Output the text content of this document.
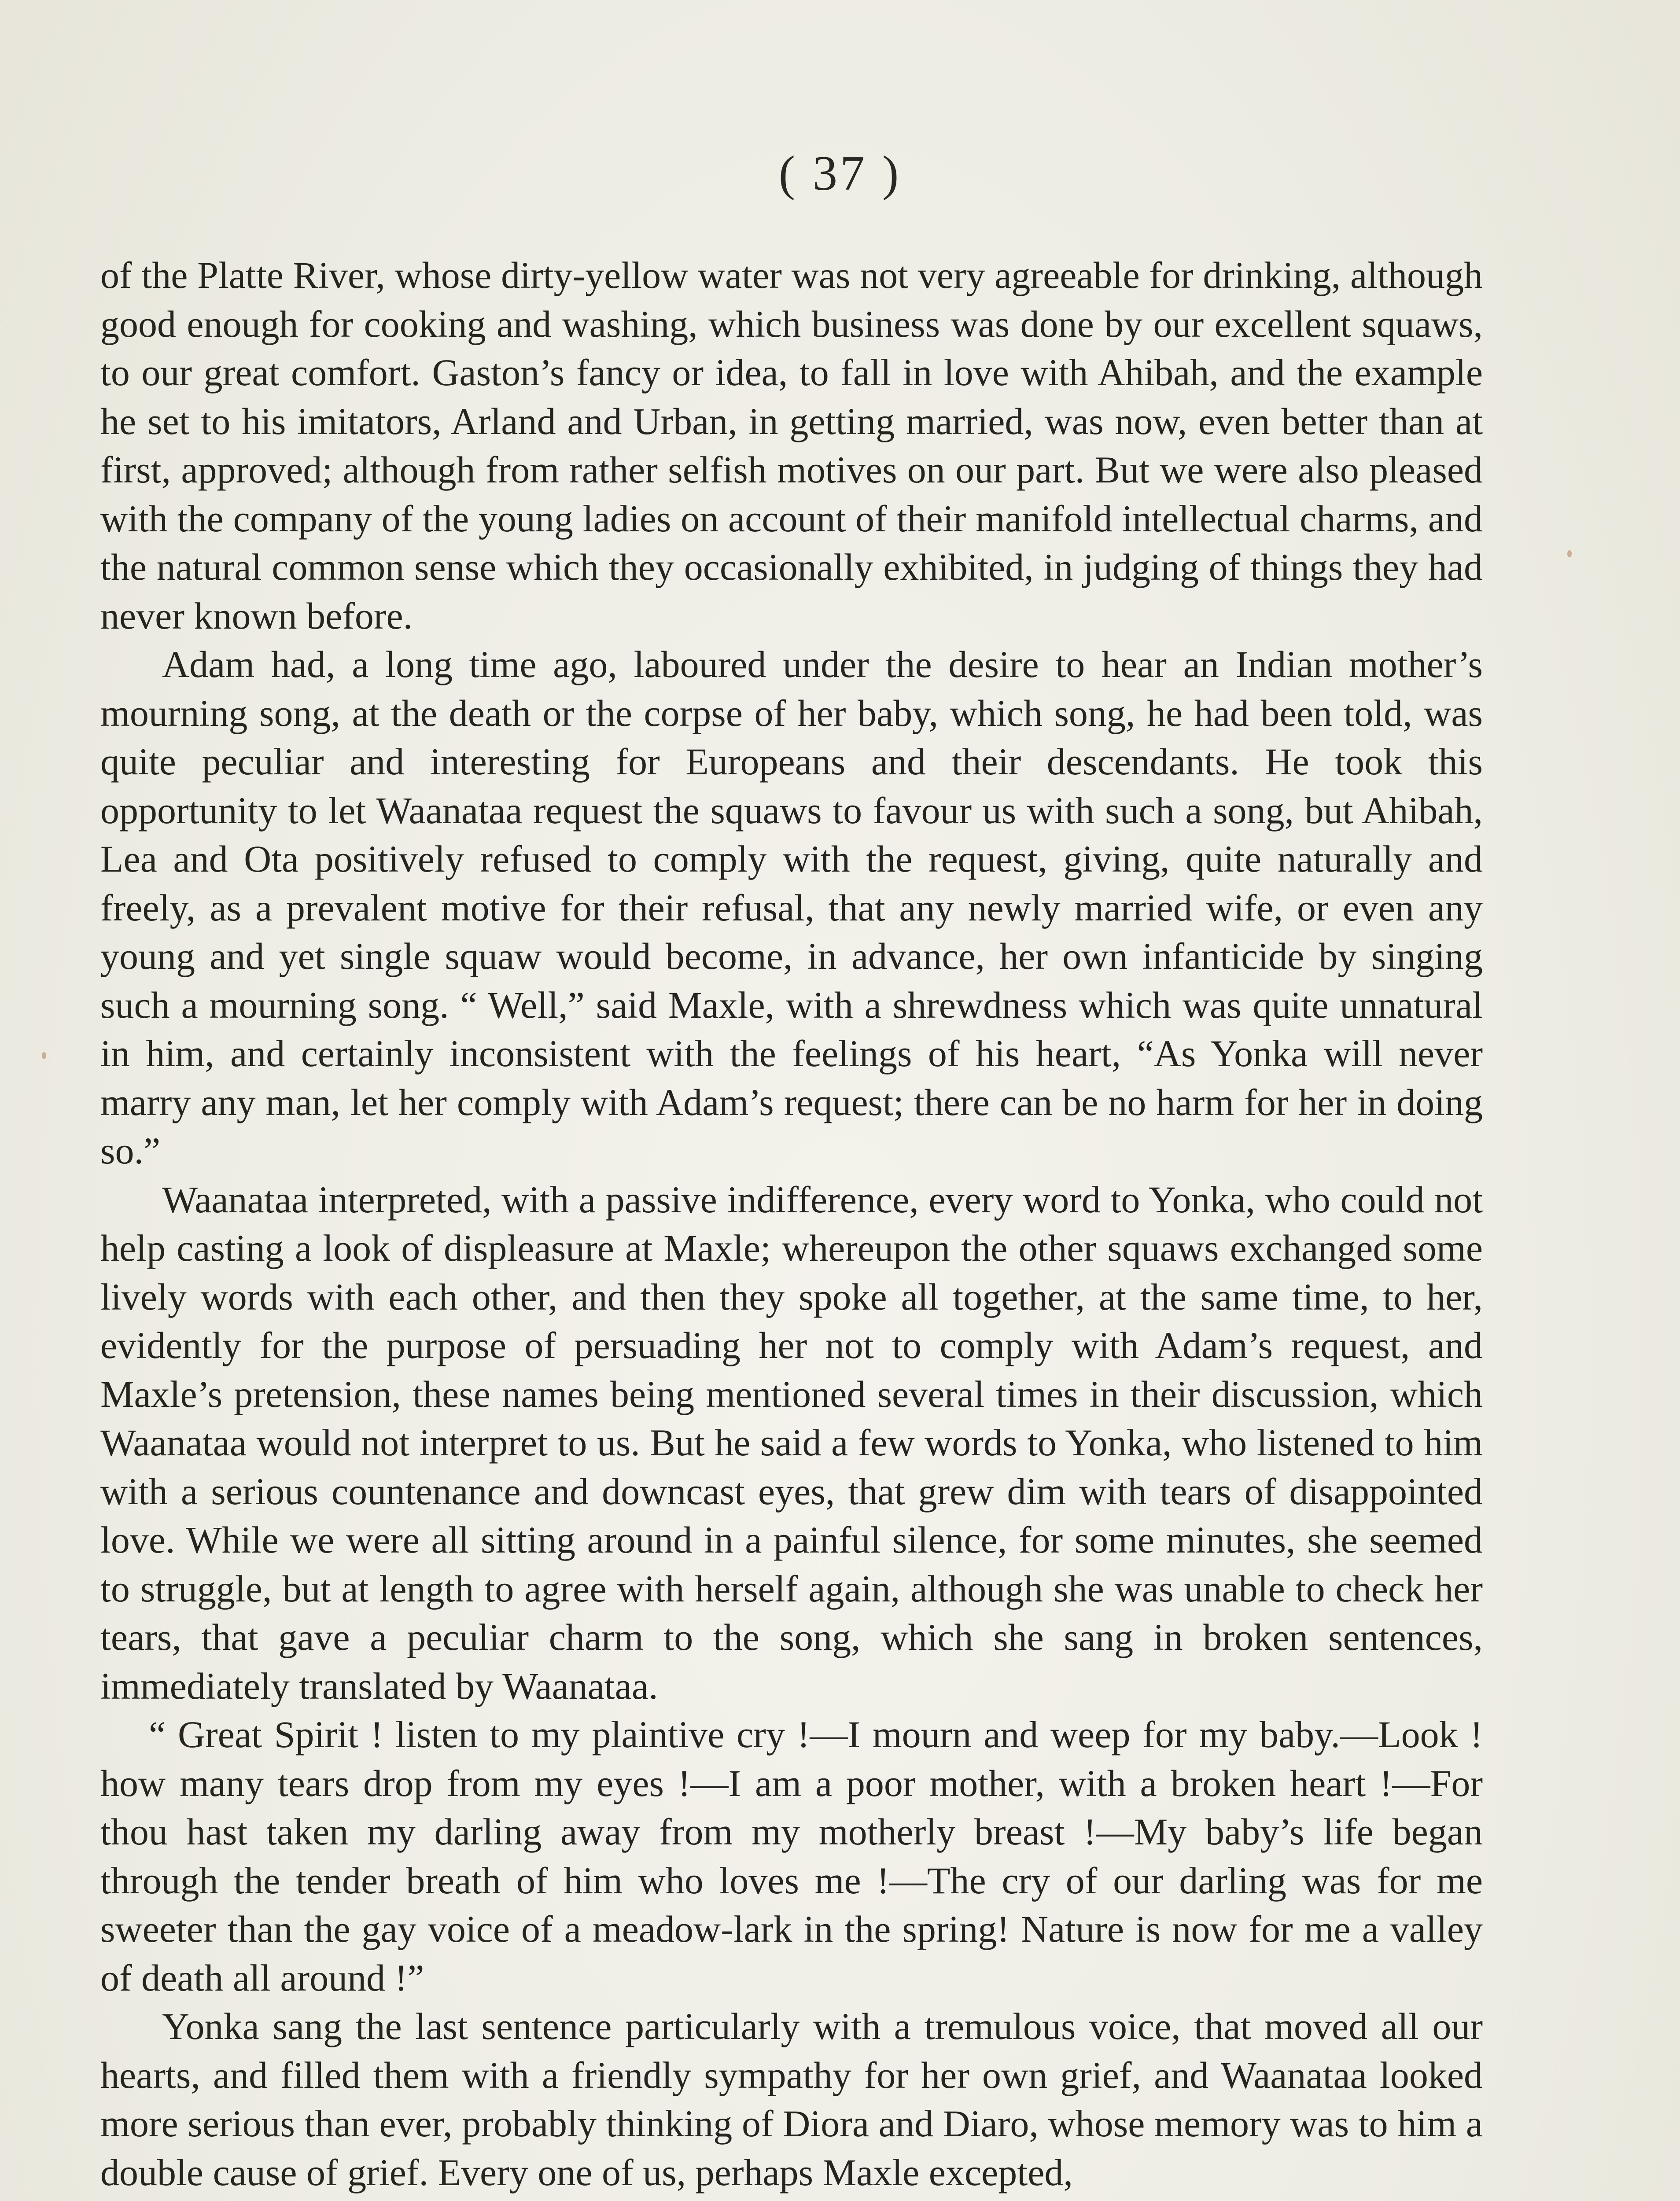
( 37 )

of the Platte River, whose dirty-yellow water was not very agreeable for drinking, although good enough for cooking and washing, which business was done by our excellent squaws, to our great comfort. Gaston’s fancy or idea, to fall in love with Ahibah, and the example he set to his imitators, Arland and Urban, in getting married, was now, even better than at first, approved; although from rather selfish motives on our part. But we were also pleased with the company of the young ladies on account of their manifold intellectual charms, and the natural common sense which they occasionally exhibited, in judging of things they had never known before.

Adam had, a long time ago, laboured under the desire to hear an Indian mother’s mourning song, at the death or the corpse of her baby, which song, he had been told, was quite peculiar and interesting for Europeans and their descendants. He took this opportunity to let Waanataa request the squaws to favour us with such a song, but Ahibah, Lea and Ota positively refused to comply with the request, giving, quite naturally and freely, as a prevalent motive for their refusal, that any newly married wife, or even any young and yet single squaw would become, in advance, her own infanticide by singing such a mourning song. “ Well,” said Maxle, with a shrewdness which was quite unnatural in him, and certainly inconsistent with the feelings of his heart, “As Yonka will never marry any man, let her comply with Adam’s request; there can be no harm for her in doing so.”

Waanataa interpreted, with a passive indifference, every word to Yonka, who could not help casting a look of displeasure at Maxle; whereupon the other squaws exchanged some lively words with each other, and then they spoke all together, at the same time, to her, evidently for the purpose of persuading her not to comply with Adam’s request, and Maxle’s pretension, these names being mentioned several times in their discussion, which Waanataa would not interpret to us. But he said a few words to Yonka, who listened to him with a serious countenance and downcast eyes, that grew dim with tears of disappointed love. While we were all sitting around in a painful silence, for some minutes, she seemed to struggle, but at length to agree with herself again, although she was unable to check her tears, that gave a peculiar charm to the song, which she sang in broken sentences, immediately translated by Waanataa.

“ Great Spirit ! listen to my plaintive cry !—I mourn and weep for my baby.—Look ! how many tears drop from my eyes !—I am a poor mother, with a broken heart !—For thou hast taken my darling away from my motherly breast !—My baby’s life began through the tender breath of him who loves me !—The cry of our darling was for me sweeter than the gay voice of a meadow-lark in the spring! Nature is now for me a valley of death all around !”

Yonka sang the last sentence particularly with a tremulous voice, that moved all our hearts, and filled them with a friendly sympathy for her own grief, and Waanataa looked more serious than ever, probably thinking of Diora and Diaro, whose memory was to him a double cause of grief. Every one of us, perhaps Maxle excepted,
